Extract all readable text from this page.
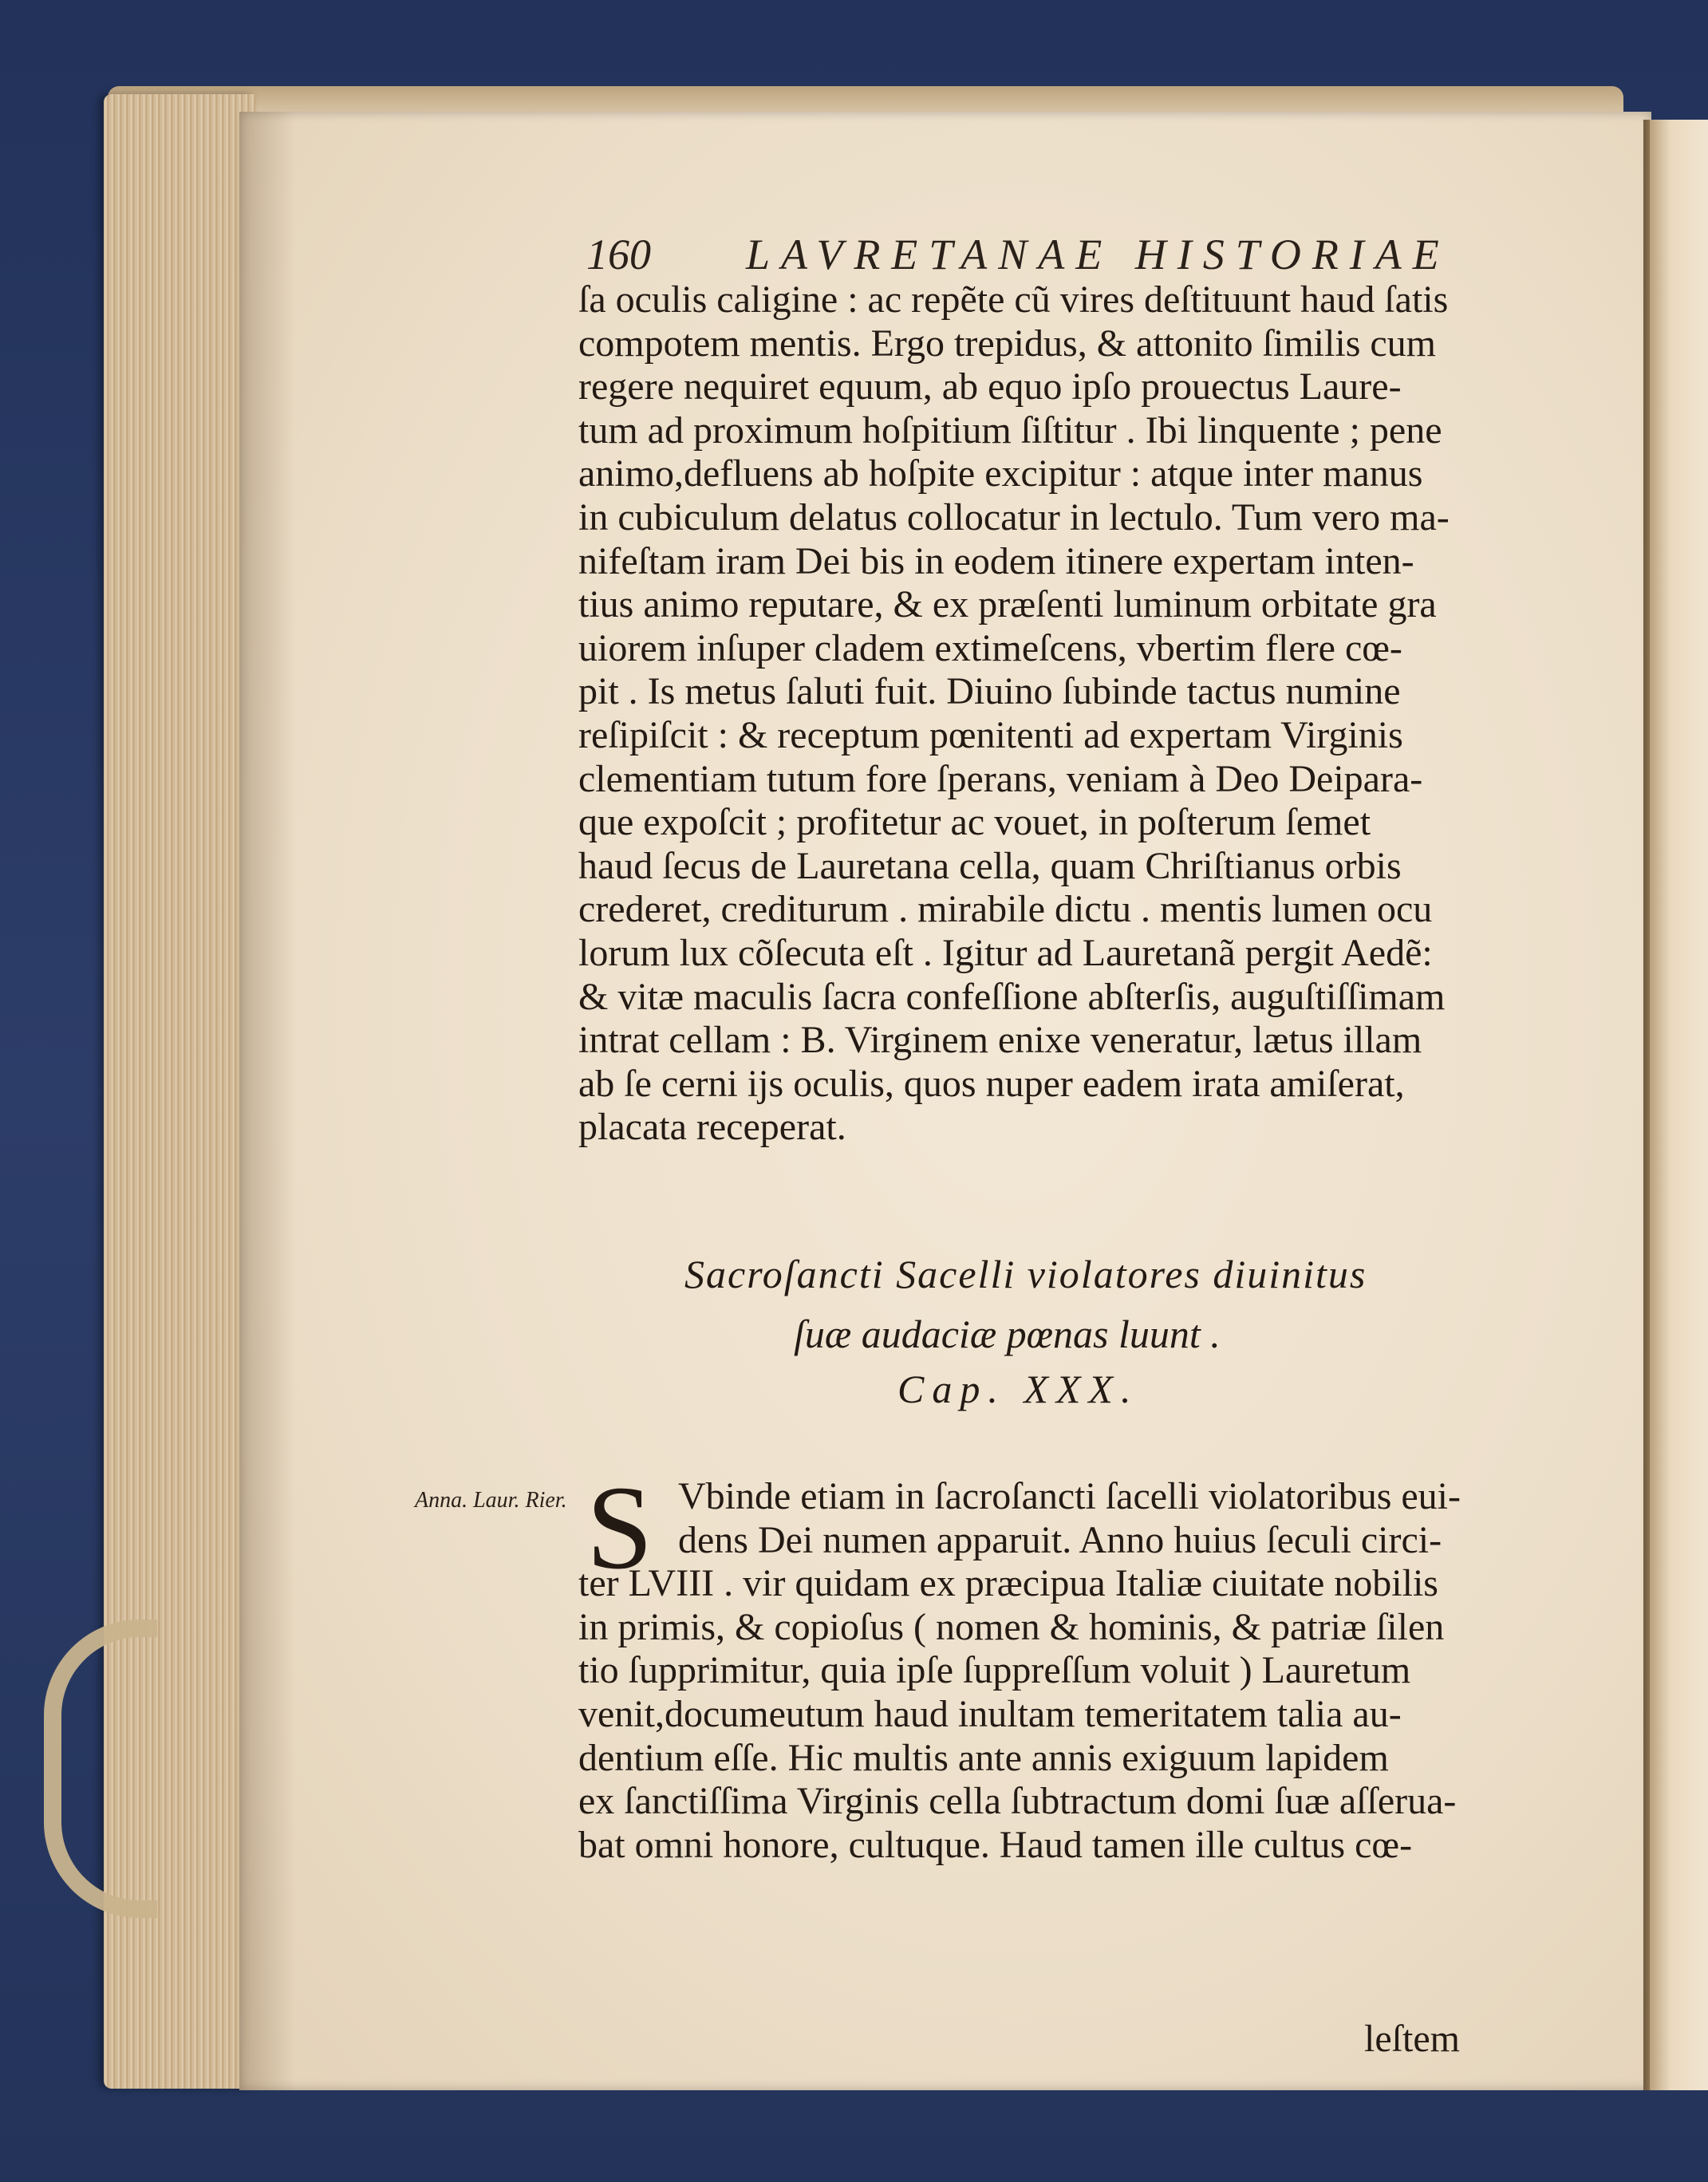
160 LAVRETANAE HISTORIAE
ſa oculis caligine : ac repẽte cũ vires deſtituunt haud ſatis
compotem mentis. Ergo trepidus, & attonito ſimilis cum
regere nequiret equum, ab equo ipſo prouectus Laure-
tum ad proximum hoſpitium ſiſtitur . Ibi linquente ; pene
animo,defluens ab hoſpite excipitur : atque inter manus
in cubiculum delatus collocatur in lectulo. Tum vero ma-
nifeſtam iram Dei bis in eodem itinere expertam inten-
tius animo reputare, & ex præſenti luminum orbitate gra
uiorem inſuper cladem extimeſcens, vbertim flere cœ-
pit . Is metus ſaluti fuit. Diuino ſubinde tactus numine
reſipiſcit : & receptum pœnitenti ad expertam Virginis
clementiam tutum fore ſperans, veniam à Deo Deipara-
que expoſcit ; profitetur ac vouet, in poſterum ſemet
haud ſecus de Lauretana cella, quam Chriſtianus orbis
crederet, crediturum . mirabile dictu . mentis lumen ocu
lorum lux cõſecuta eſt . Igitur ad Lauretanã pergit Aedẽ:
& vitæ maculis ſacra confeſſione abſterſis, auguſtiſſimam
intrat cellam : B. Virginem enixe veneratur, lætus illam
ab ſe cerni ijs oculis, quos nuper eadem irata amiſerat,
placata receperat.
Sacroſancti Sacelli violatores diuinitus
ſuæ audaciæ pœnas luunt .
Cap. XXX.
Anna. Laur. Rier. S Vbinde etiam in ſacroſancti ſacelli violatoribus eui-
dens Dei numen apparuit. Anno huius ſeculi circi-
ter LVIII . vir quidam ex præcipua Italiæ ciuitate nobilis
in primis, & copioſus ( nomen & hominis, & patriæ ſilen
tio ſupprimitur, quia ipſe ſuppreſſum voluit ) Lauretum
venit,documeutum haud inultam temeritatem talia au-
dentium eſſe. Hic multis ante annis exiguum lapidem
ex ſanctiſſima Virginis cella ſubtractum domi ſuæ aſſerua-
bat omni honore, cultuque. Haud tamen ille cultus cœ-
leſtem
